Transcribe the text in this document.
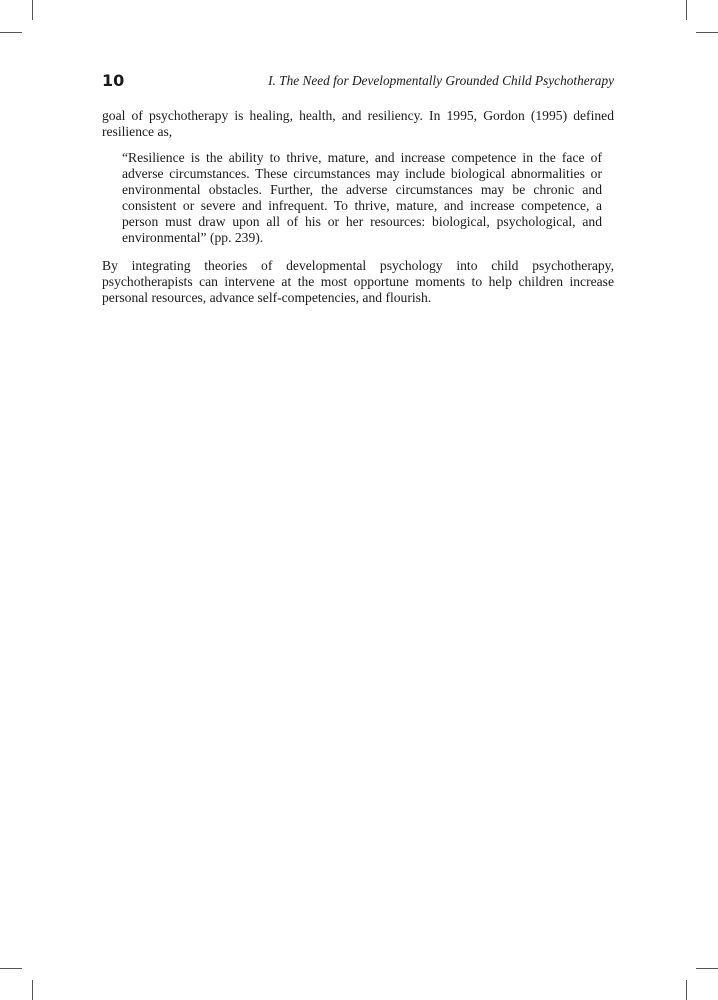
10	I. The Need for Developmentally Grounded Child Psychotherapy

goal of psychotherapy is healing, health, and resiliency. In 1995, Gordon (1995) defined resilience as,

“Resilience is the ability to thrive, mature, and increase competence in the face of adverse circumstances. These circumstances may include biological abnormalities or environmental obstacles. Further, the adverse circumstances may be chronic and consistent or severe and infrequent. To thrive, mature, and increase competence, a person must draw upon all of his or her resources: biological, psychological, and environmental” (pp. 239).

By integrating theories of developmental psychology into child psychotherapy, psychotherapists can intervene at the most opportune moments to help children increase personal resources, advance self-competencies, and flourish.
